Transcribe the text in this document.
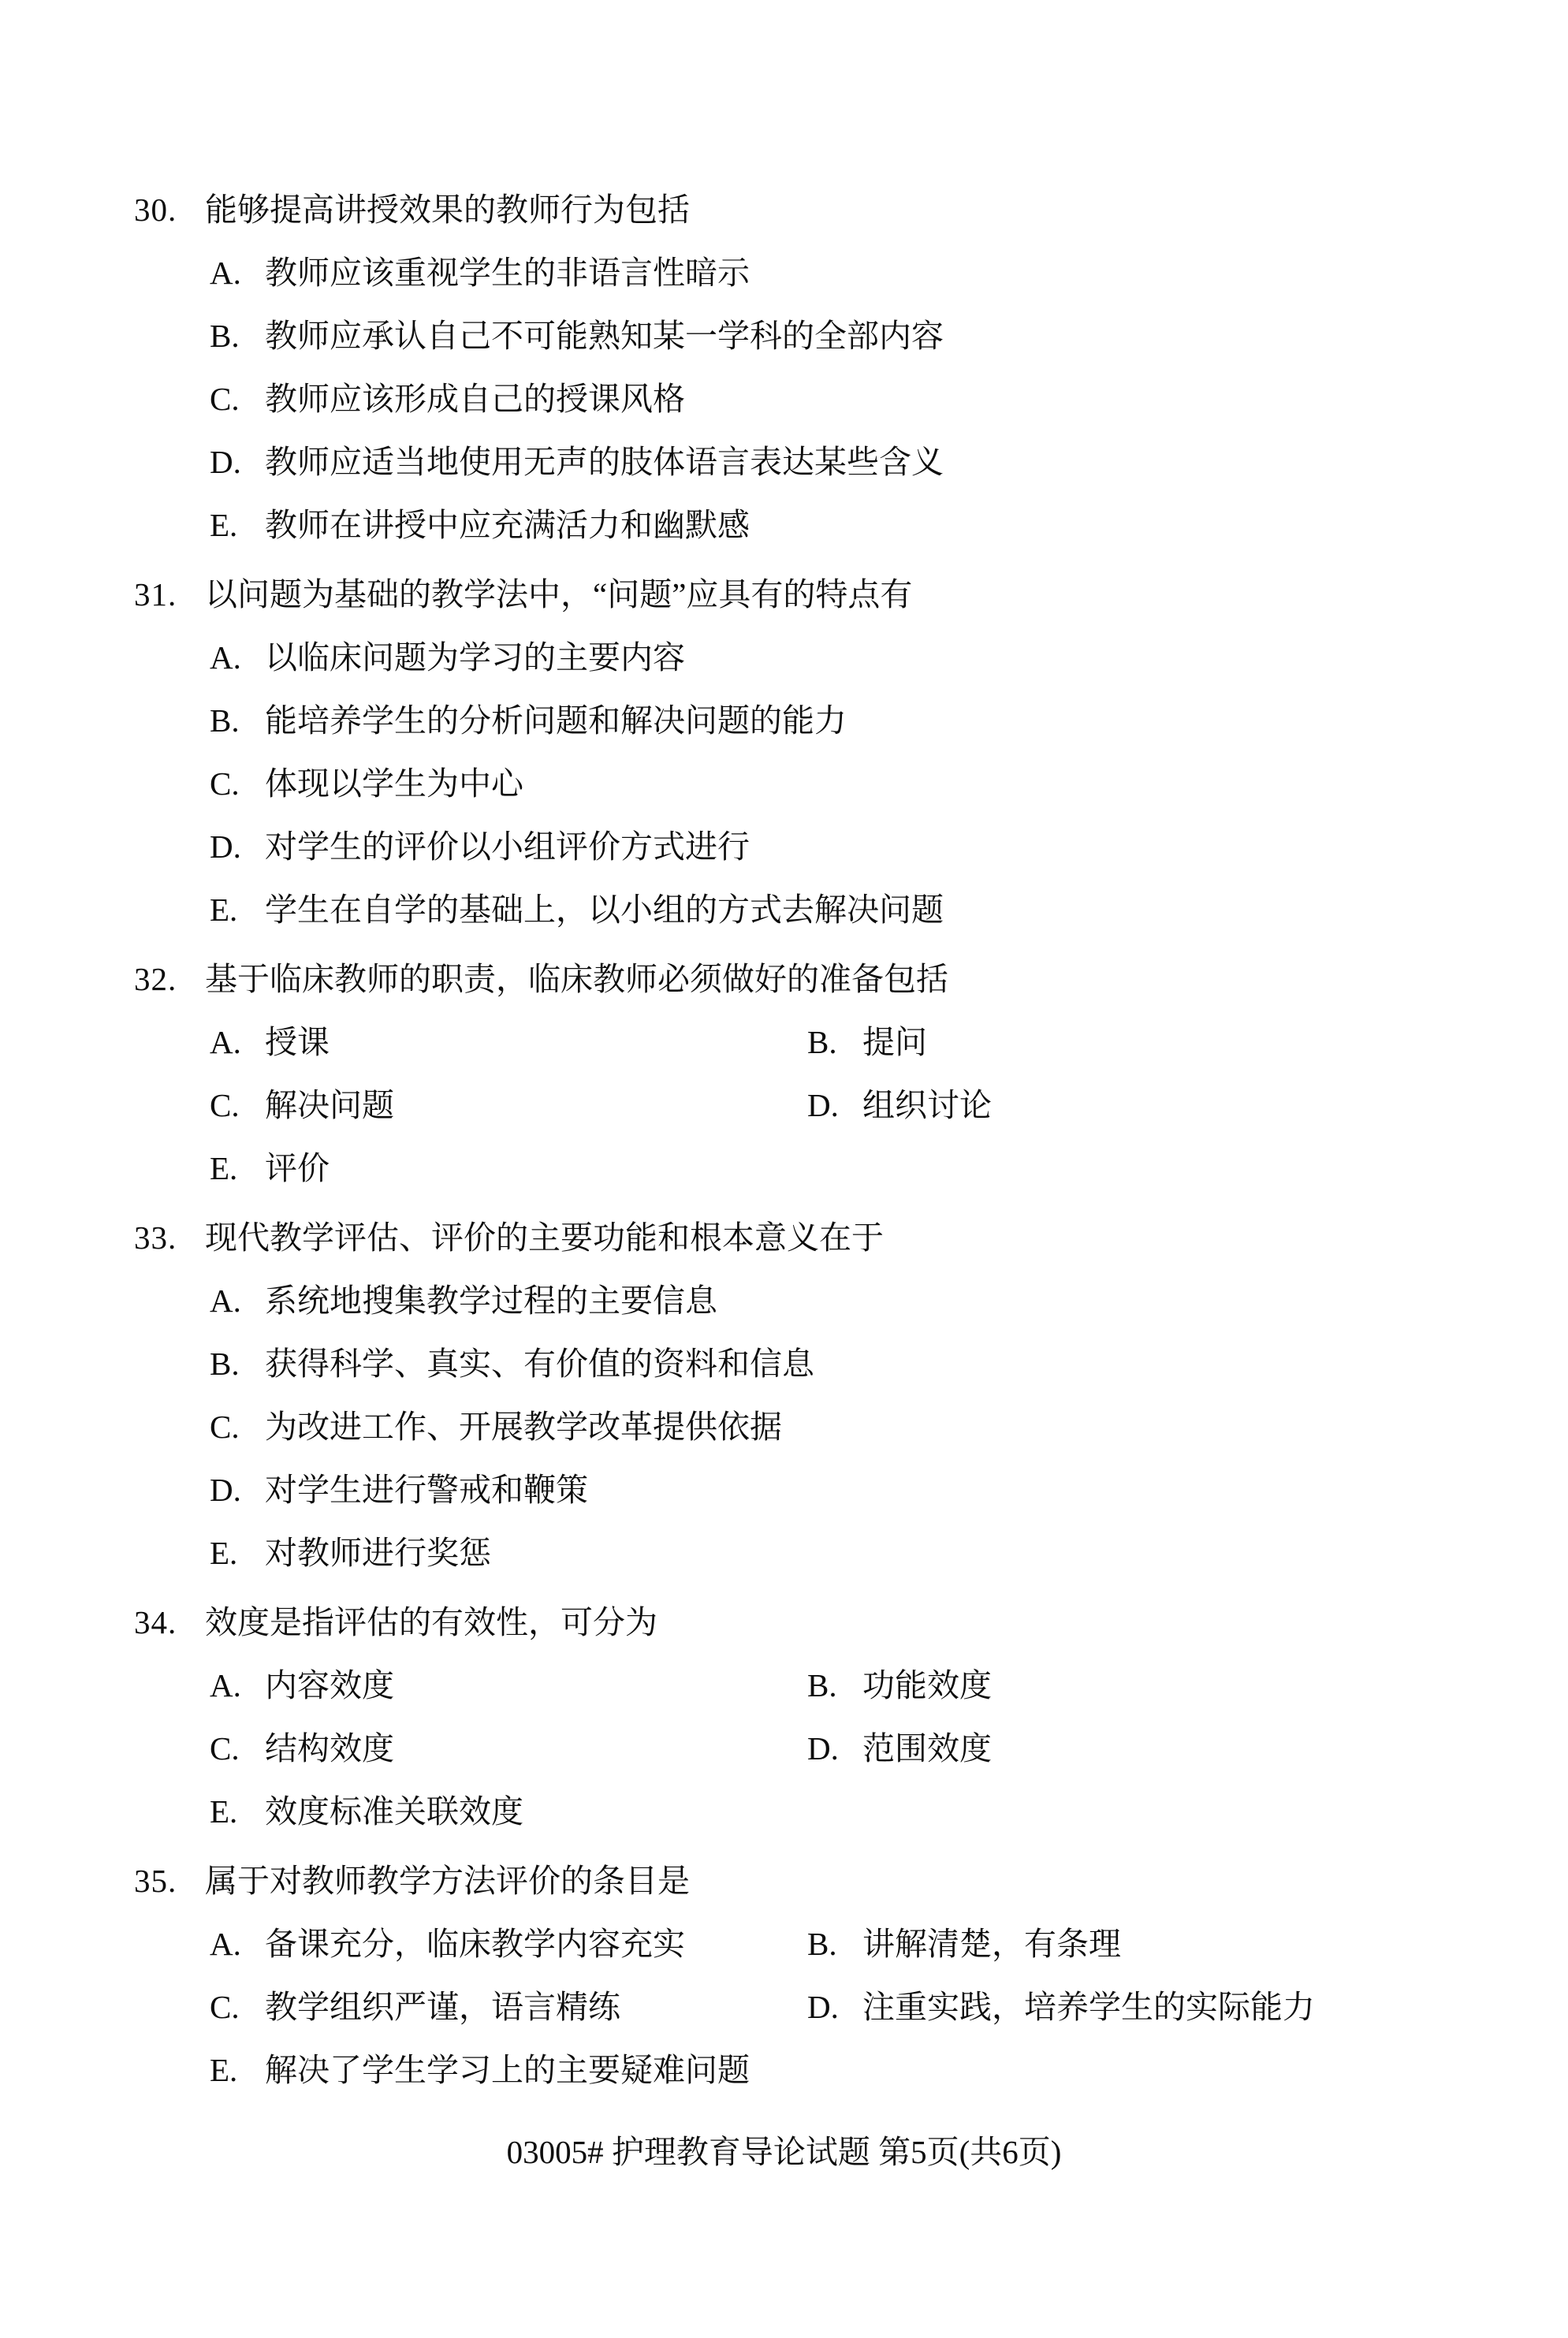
30. 能够提高讲授效果的教师行为包括
A. 教师应该重视学生的非语言性暗示
B. 教师应承认自己不可能熟知某一学科的全部内容
C. 教师应该形成自己的授课风格
D. 教师应适当地使用无声的肢体语言表达某些含义
E. 教师在讲授中应充满活力和幽默感
31. 以问题为基础的教学法中，“问题”应具有的特点有
A. 以临床问题为学习的主要内容
B. 能培养学生的分析问题和解决问题的能力
C. 体现以学生为中心
D. 对学生的评价以小组评价方式进行
E. 学生在自学的基础上，以小组的方式去解决问题
32. 基于临床教师的职责，临床教师必须做好的准备包括
A. 授课	B. 提问
C. 解决问题	D. 组织讨论
E. 评价
33. 现代教学评估、评价的主要功能和根本意义在于
A. 系统地搜集教学过程的主要信息
B. 获得科学、真实、有价值的资料和信息
C. 为改进工作、开展教学改革提供依据
D. 对学生进行警戒和鞭策
E. 对教师进行奖惩
34. 效度是指评估的有效性，可分为
A. 内容效度	B. 功能效度
C. 结构效度	D. 范围效度
E. 效度标准关联效度
35. 属于对教师教学方法评价的条目是
A. 备课充分，临床教学内容充实	B. 讲解清楚，有条理
C. 教学组织严谨，语言精练	D. 注重实践，培养学生的实际能力
E. 解决了学生学习上的主要疑难问题
03005# 护理教育导论试题 第5页(共6页)
